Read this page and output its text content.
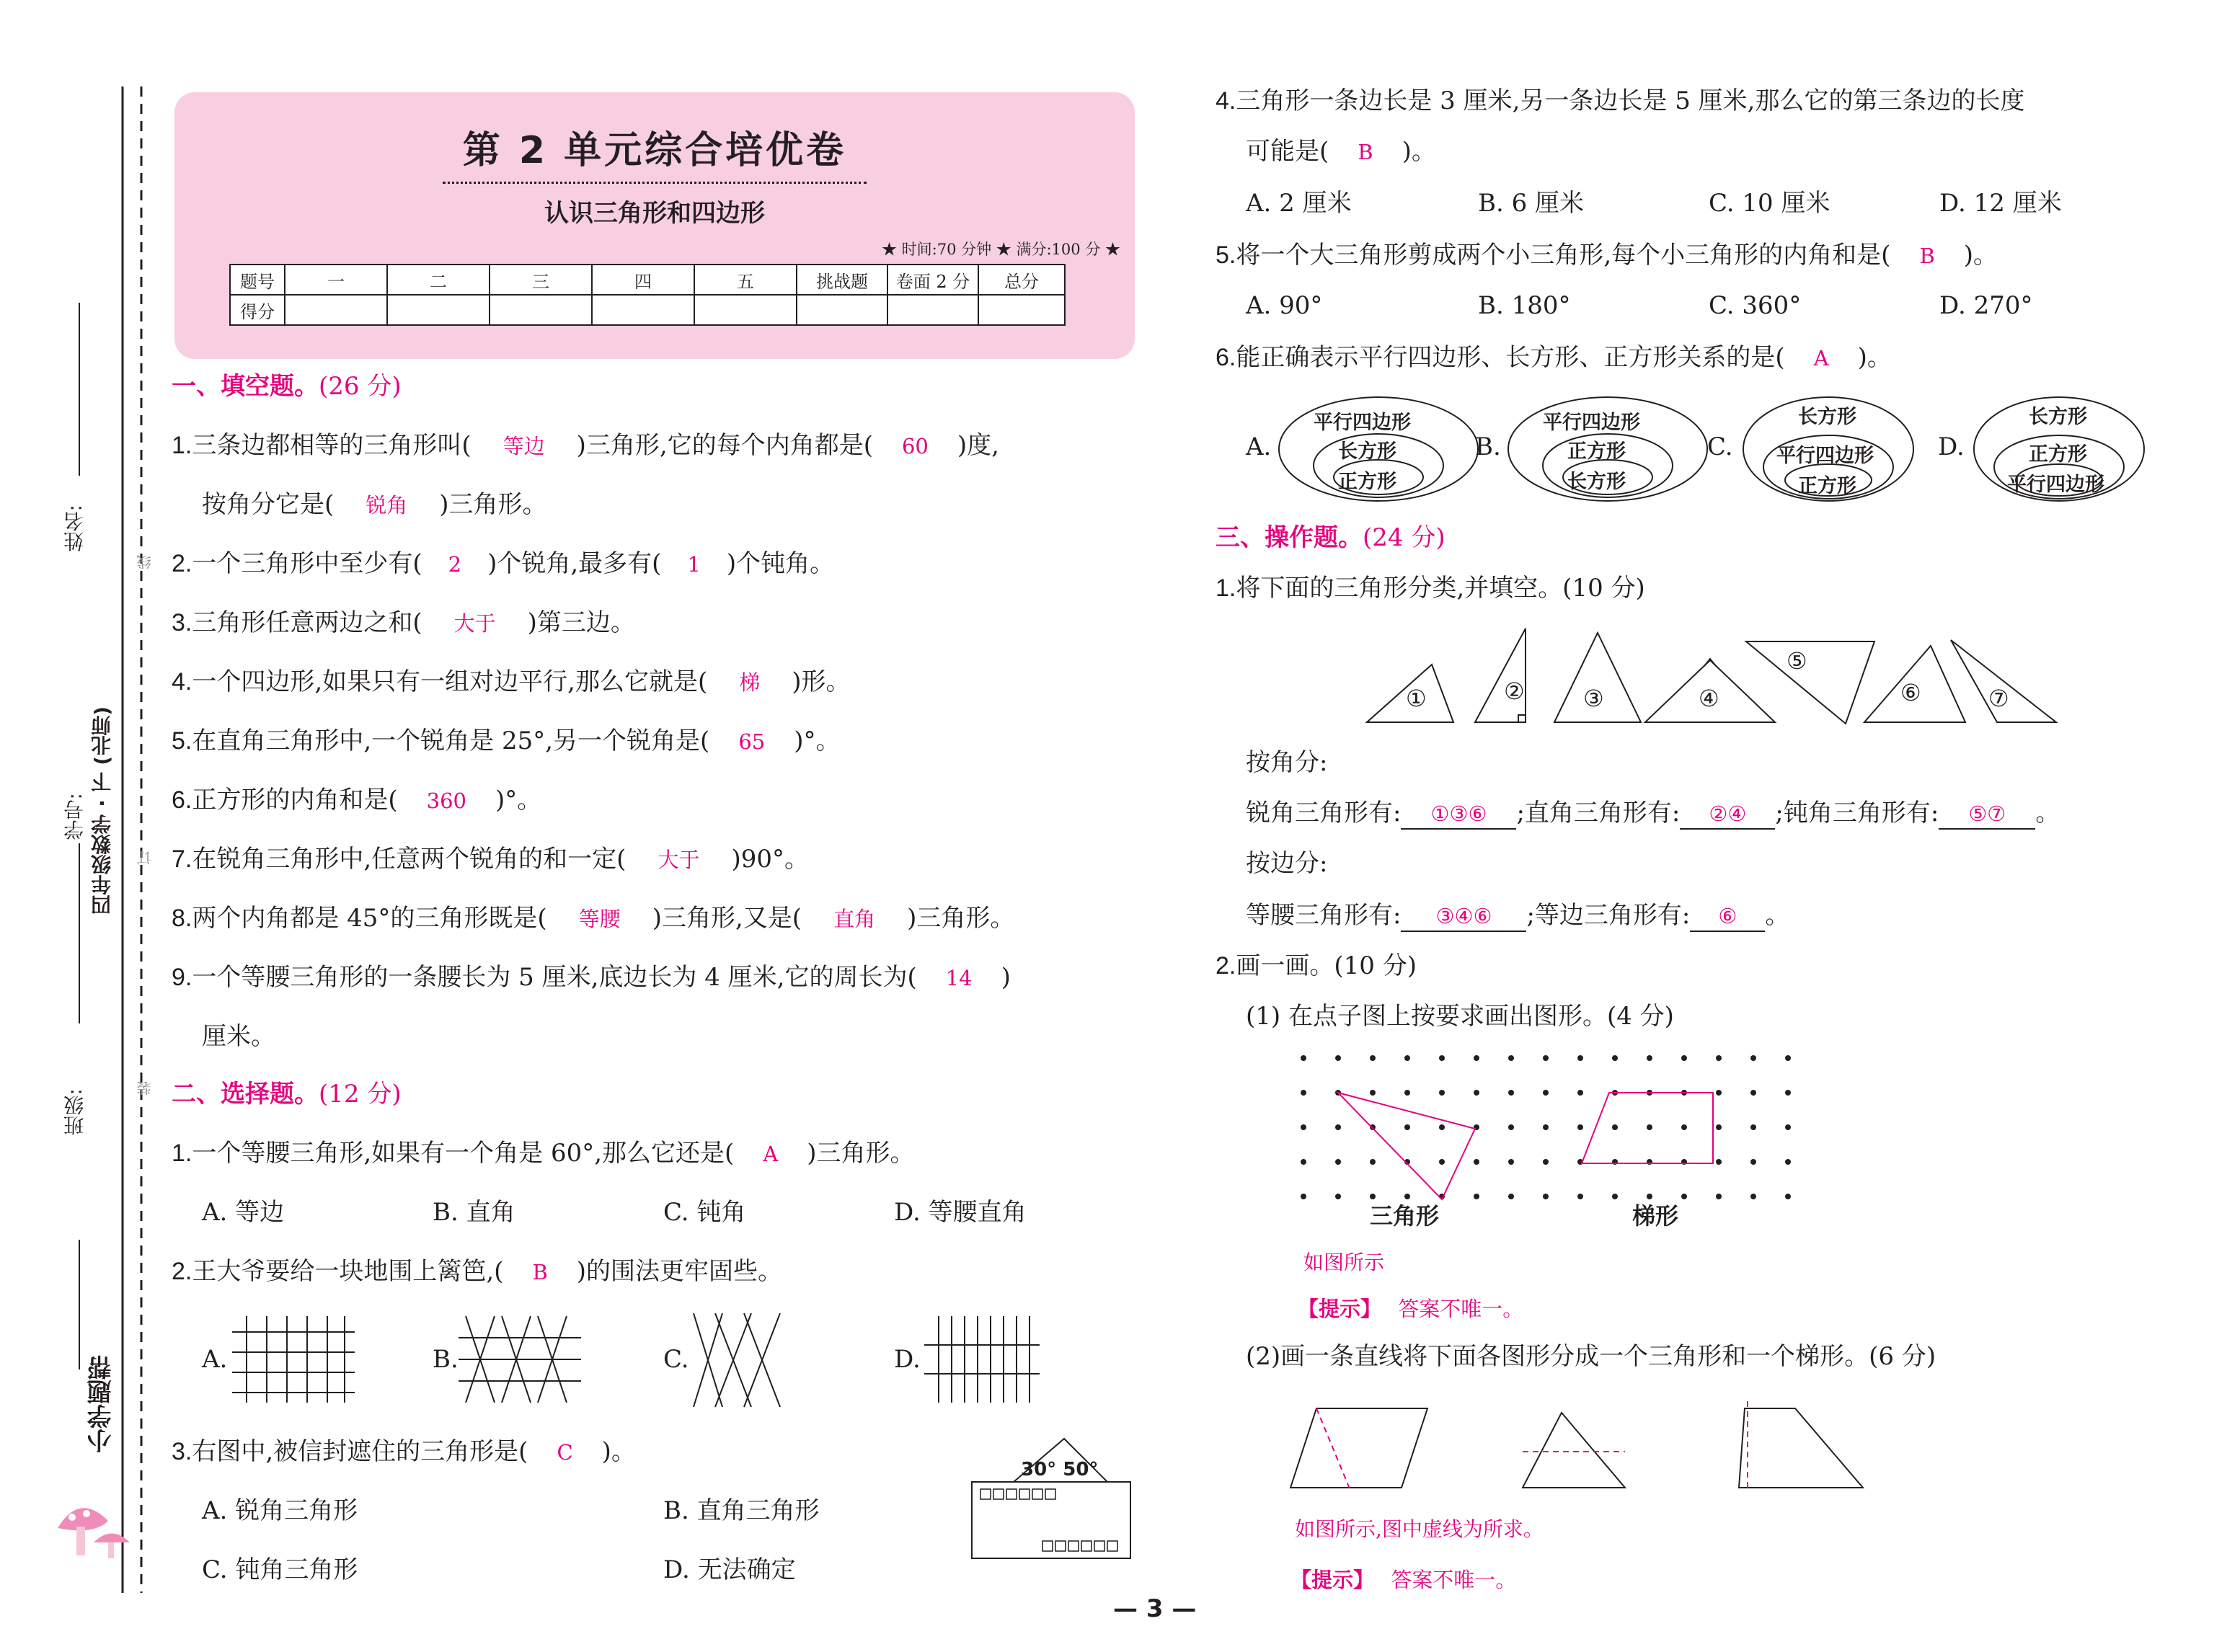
姓名:
学号:
班级:
四年级数学 · 下 (北师)
小学题帮
线
订
装
第 2 单元综合培优卷
认识三角形和四边形
★ 时间:70 分钟 ★ 满分:100 分 ★
题号	一	二	三	四	五	挑战题	卷面 2 分	总分
得分								
一、填空题。(26 分)
1.三条边都相等的三角形叫( 等边 )三角形,它的每个内角都是( 60 )度,
按角分它是( 锐角 )三角形。
2.一个三角形中至少有( 2 )个锐角,最多有( 1 )个钝角。
3.三角形任意两边之和( 大于 )第三边。
4.一个四边形,如果只有一组对边平行,那么它就是( 梯 )形。
5.在直角三角形中,一个锐角是 25°,另一个锐角是( 65 )°。
6.正方形的内角和是( 360 )°。
7.在锐角三角形中,任意两个锐角的和一定( 大于 )90°。
8.两个内角都是 45°的三角形既是( 等腰 )三角形,又是( 直角 )三角形。
9.一个等腰三角形的一条腰长为 5 厘米,底边长为 4 厘米,它的周长为( 14 )
厘米。
二、选择题。(12 分)
1.一个等腰三角形,如果有一个角是 60°,那么它还是( A )三角形。
A. 等边	B. 直角	C. 钝角	D. 等腰直角
2.王大爷要给一块地围上篱笆,( B )的围法更牢固些。
A.	B.	C.	D.
3.右图中,被信封遮住的三角形是( C )。
A. 锐角三角形	B. 直角三角形
C. 钝角三角形	D. 无法确定
30° 50°
4.三角形一条边长是 3 厘米,另一条边长是 5 厘米,那么它的第三条边的长度
可能是( B )。
A. 2 厘米	B. 6 厘米	C. 10 厘米	D. 12 厘米
5.将一个大三角形剪成两个小三角形,每个小三角形的内角和是( B )。
A. 90°	B. 180°	C. 360°	D. 270°
6.能正确表示平行四边形、长方形、正方形关系的是( A )。
A.	B.	C.	D.
平行四边形
长方形
正方形
平行四边形
正方形
长方形
长方形
平行四边形
正方形
长方形
正方形
平行四边形
三、操作题。(24 分)
1.将下面的三角形分类,并填空。(10 分)
①	②	③	④
⑤
⑥	⑦
按角分:
锐角三角形有: ①③⑥ ;直角三角形有: ②④ ;钝角三角形有: ⑤⑦ 。
按边分:
等腰三角形有: ③④⑥ ;等边三角形有: ⑥ 。
2.画一画。(10 分)
(1) 在点子图上按要求画出图形。(4 分)
三角形	梯形
如图所示
【提示】 答案不唯一。
(2)画一条直线将下面各图形分成一个三角形和一个梯形。(6 分)
如图所示,图中虚线为所求。
【提示】 答案不唯一。
— 3 —
